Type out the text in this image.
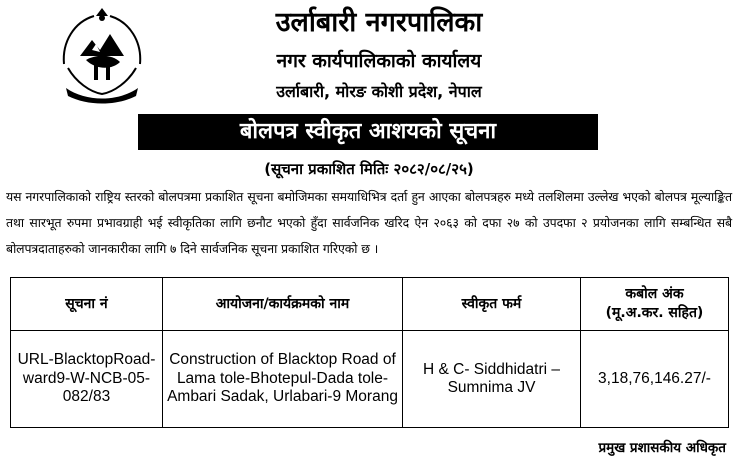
उर्लाबारी नगरपालिका
नगर कार्यपालिकाको कार्यालय
उर्लाबारी, मोरङ कोशी प्रदेश, नेपाल
बोलपत्र स्वीकृत आशयको सूचना
(सूचना प्रकाशित मितिः २०८२/०८/२५)
यस नगरपालिकाको राष्ट्रिय स्तरको बोलपत्रमा प्रकाशित सूचना बमोजिमका समयाधिभित्र दर्ता हुन आएका बोलपत्रहरु मध्ये तलशिलमा उल्लेख भएको बोलपत्र मूल्याङ्कित तथा सारभूत रुपमा प्रभावग्राही भई स्वीकृतिका लागि छनौट भएको हुँदा सार्वजनिक खरिद ऐन २०६३ को दफा २७ को उपदफा २ प्रयोजनका लागि सम्बन्धित सबै बोलपत्रदाताहरुको जानकारीका लागि ७ दिने सार्वजनिक सूचना प्रकाशित गरिएको छ ।
सूचना नं	आयोजना/कार्यक्रमको नाम	स्वीकृत फर्म	कबोल अंक
(मू.अ.कर. सहित)

URL-BlacktopRoad-ward9-W-NCB-05-082/83	Construction of Blacktop Road of Lama tole-Bhotepul-Dada tole-Ambari Sadak, Urlabari-9 Morang	H & C- Siddhidatri – Sumnima JV	3,18,76,146.27/-
प्रमुख प्रशासकीय अधिकृत
